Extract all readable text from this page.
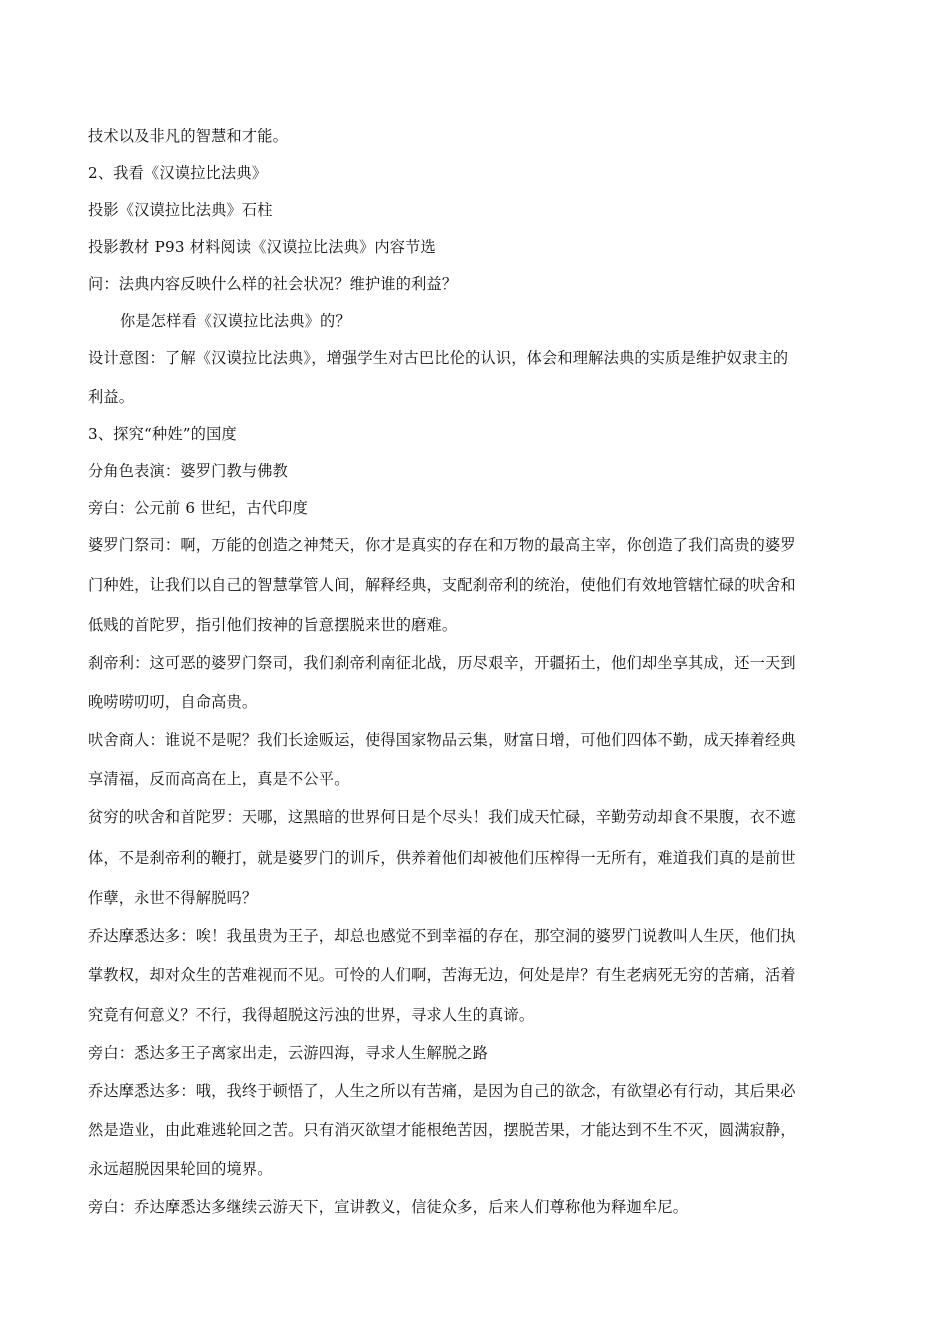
技术以及非凡的智慧和才能。
2、我看《汉谟拉比法典》
投影《汉谟拉比法典》石柱
投影教材 P93 材料阅读《汉谟拉比法典》内容节选
问：法典内容反映什么样的社会状况？维护谁的利益？
你是怎样看《汉谟拉比法典》的？
设计意图：了解《汉谟拉比法典》，增强学生对古巴比伦的认识，体会和理解法典的实质是维护奴隶主的
利益。
3、探究“种姓”的国度
分角色表演：婆罗门教与佛教
旁白：公元前 6 世纪，古代印度
婆罗门祭司：啊，万能的创造之神梵天，你才是真实的存在和万物的最高主宰，你创造了我们高贵的婆罗
门种姓，让我们以自己的智慧掌管人间，解释经典，支配刹帝利的统治，使他们有效地管辖忙碌的吠舍和
低贱的首陀罗，指引他们按神的旨意摆脱来世的磨难。
刹帝利：这可恶的婆罗门祭司，我们刹帝利南征北战，历尽艰辛，开疆拓土，他们却坐享其成，还一天到
晚唠唠叨叨，自命高贵。
吠舍商人：谁说不是呢？我们长途贩运，使得国家物品云集，财富日增，可他们四体不勤，成天捧着经典
享清福，反而高高在上，真是不公平。
贫穷的吠舍和首陀罗：天哪，这黑暗的世界何日是个尽头！我们成天忙碌，辛勤劳动却食不果腹，衣不遮
体，不是刹帝利的鞭打，就是婆罗门的训斥，供养着他们却被他们压榨得一无所有，难道我们真的是前世
作孽，永世不得解脱吗？
乔达摩悉达多：唉！我虽贵为王子，却总也感觉不到幸福的存在，那空洞的婆罗门说教叫人生厌，他们执
掌教权，却对众生的苦难视而不见。可怜的人们啊，苦海无边，何处是岸？有生老病死无穷的苦痛，活着
究竟有何意义？不行，我得超脱这污浊的世界，寻求人生的真谛。
旁白：悉达多王子离家出走，云游四海，寻求人生解脱之路
乔达摩悉达多：哦，我终于顿悟了，人生之所以有苦痛，是因为自己的欲念，有欲望必有行动，其后果必
然是造业，由此难逃轮回之苦。只有消灭欲望才能根绝苦因，摆脱苦果，才能达到不生不灭，圆满寂静，
永远超脱因果轮回的境界。
旁白：乔达摩悉达多继续云游天下，宣讲教义，信徒众多，后来人们尊称他为释迦牟尼。
